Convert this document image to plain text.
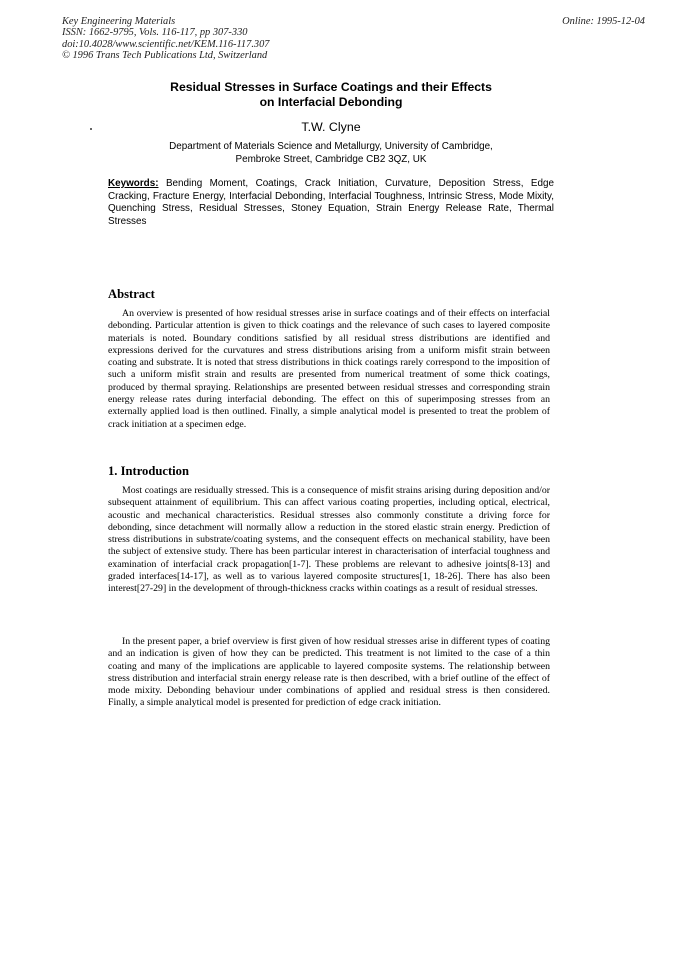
Key Engineering Materials
ISSN: 1662-9795, Vols. 116-117, pp 307-330
doi:10.4028/www.scientific.net/KEM.116-117.307
© 1996 Trans Tech Publications Ltd, Switzerland
Online: 1995-12-04
Residual Stresses in Surface Coatings and their Effects
on Interfacial Debonding
T.W. Clyne
Department of Materials Science and Metallurgy, University of Cambridge,
Pembroke Street, Cambridge CB2 3QZ, UK
Keywords: Bending Moment, Coatings, Crack Initiation, Curvature, Deposition Stress, Edge Cracking, Fracture Energy, Interfacial Debonding, Interfacial Toughness, Intrinsic Stress, Mode Mixity, Quenching Stress, Residual Stresses, Stoney Equation, Strain Energy Release Rate, Thermal Stresses
Abstract

An overview is presented of how residual stresses arise in surface coatings and of their effects on interfacial debonding. Particular attention is given to thick coatings and the relevance of such cases to layered composite materials is noted. Boundary conditions satisfied by all residual stress distributions are identified and expressions derived for the curvatures and stress distributions arising from a uniform misfit strain between coating and substrate. It is noted that stress distributions in thick coatings rarely correspond to the imposition of such a uniform misfit strain and results are presented from numerical treatment of some thick coatings, produced by thermal spraying. Relationships are presented between residual stresses and corresponding strain energy release rates during interfacial debonding. The effect on this of superimposing stresses from an externally applied load is then outlined. Finally, a simple analytical model is presented to treat the problem of crack initiation at a specimen edge.

1. Introduction

Most coatings are residually stressed. This is a consequence of misfit strains arising during deposition and/or subsequent attainment of equilibrium. This can affect various coating properties, including optical, electrical, acoustic and mechanical characteristics. Residual stresses also commonly constitute a driving force for debonding, since detachment will normally allow a reduction in the stored elastic strain energy. Prediction of stress distributions in substrate/coating systems, and the consequent effects on mechanical stability, have been the subject of extensive study. There has been particular interest in characterisation of interfacial toughness and examination of interfacial crack propagation[1-7]. These problems are relevant to adhesive joints[8-13] and graded interfaces[14-17], as well as to various layered composite structures[1, 18-26]. There has also been interest[27-29] in the development of through-thickness cracks within coatings as a result of residual stresses.

In the present paper, a brief overview is first given of how residual stresses arise in different types of coating and an indication is given of how they can be predicted. This treatment is not limited to the case of a thin coating and many of the implications are applicable to layered composite systems. The relationship between stress distribution and interfacial strain energy release rate is then described, with a brief outline of the effect of mode mixity. Debonding behaviour under combinations of applied and residual stress is then considered. Finally, a simple analytical model is presented for prediction of edge crack initiation.
